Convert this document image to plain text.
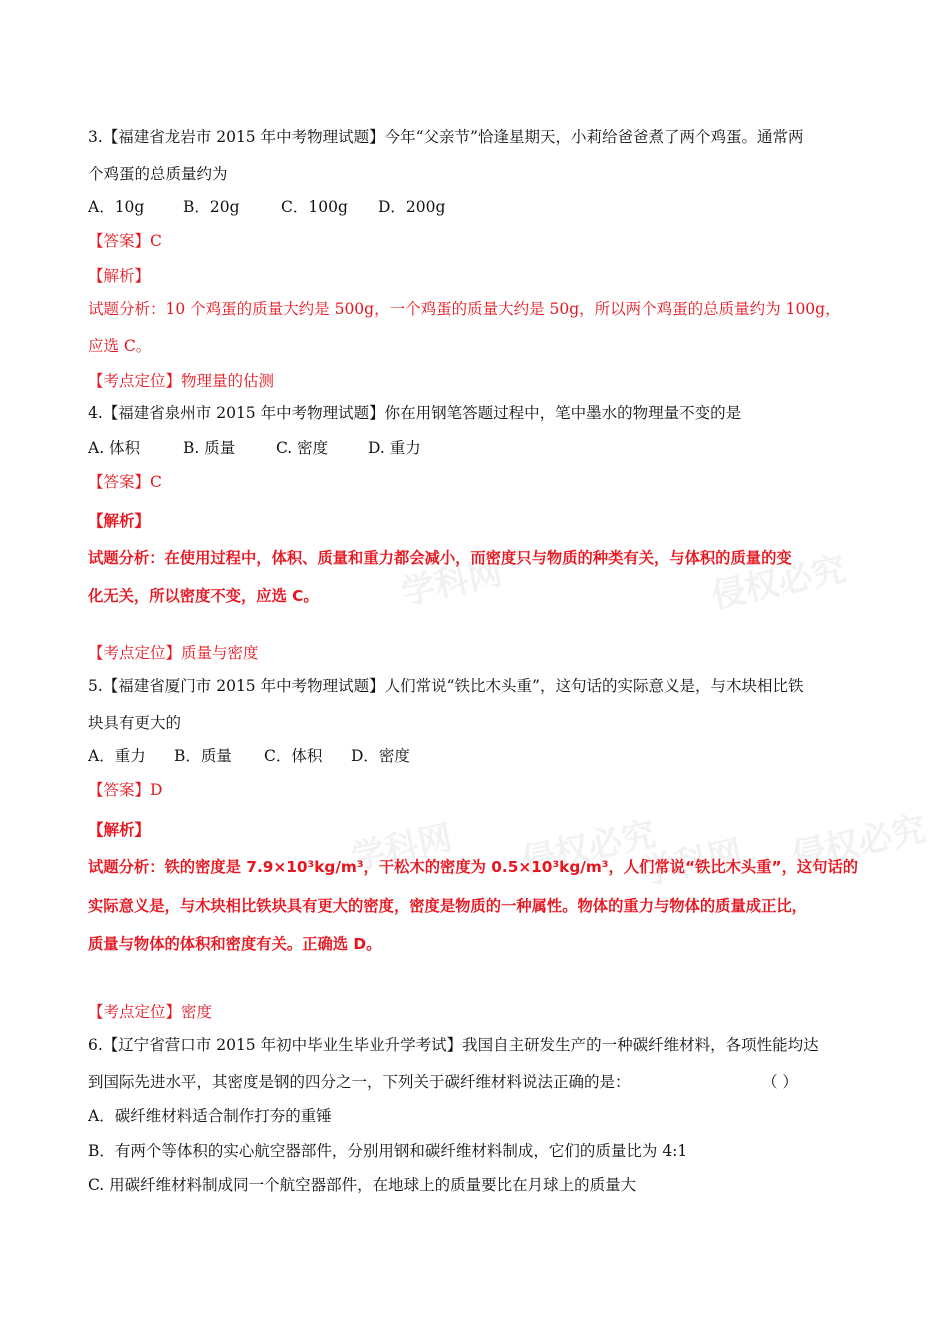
学科网	侵权必究
学科网 侵权必究
学科网 侵权必究
3.【福建省龙岩市 2015 年中考物理试题】今年“父亲节”恰逢星期天，小莉给爸爸煮了两个鸡蛋。通常两
个鸡蛋的总质量约为
A．10g B．20g	C．100g D．200g
【答案】C
【解析】
试题分析：10 个鸡蛋的质量大约是 500g，一个鸡蛋的质量大约是 50g，所以两个鸡蛋的总质量约为 100g，
应选 C。
【考点定位】物理量的估测
4.【福建省泉州市 2015 年中考物理试题】你在用钢笔答题过程中，笔中墨水的物理量不变的是
A. 体积	B. 质量	C. 密度	D. 重力
【答案】C
【解析】
试题分析：在使用过程中，体积、质量和重力都会减小，而密度只与物质的种类有关，与体积的质量的变
化无关，所以密度不变，应选 C。
【考点定位】质量与密度
5.【福建省厦门市 2015 年中考物理试题】人们常说“铁比木头重”，这句话的实际意义是，与木块相比铁
块具有更大的
A．重力 B．质量 C．体积 D．密度
【答案】D
【解析】
试题分析：铁的密度是 7.9×10³kg/m³，干松木的密度为 0.5×10³kg/m³，人们常说“铁比木头重”，这句话的
实际意义是，与木块相比铁块具有更大的密度，密度是物质的一种属性。物体的重力与物体的质量成正比，
质量与物体的体积和密度有关。正确选 D。
【考点定位】密度
6.【辽宁省营口市 2015 年初中毕业生毕业升学考试】我国自主研发生产的一种碳纤维材料，各项性能均达
到国际先进水平，其密度是钢的四分之一，下列关于碳纤维材料说法正确的是：	（ ）
A．碳纤维材料适合制作打夯的重锤
B．有两个等体积的实心航空器部件，分别用钢和碳纤维材料制成，它们的质量比为 4:1
C. 用碳纤维材料制成同一个航空器部件，在地球上的质量要比在月球上的质量大
